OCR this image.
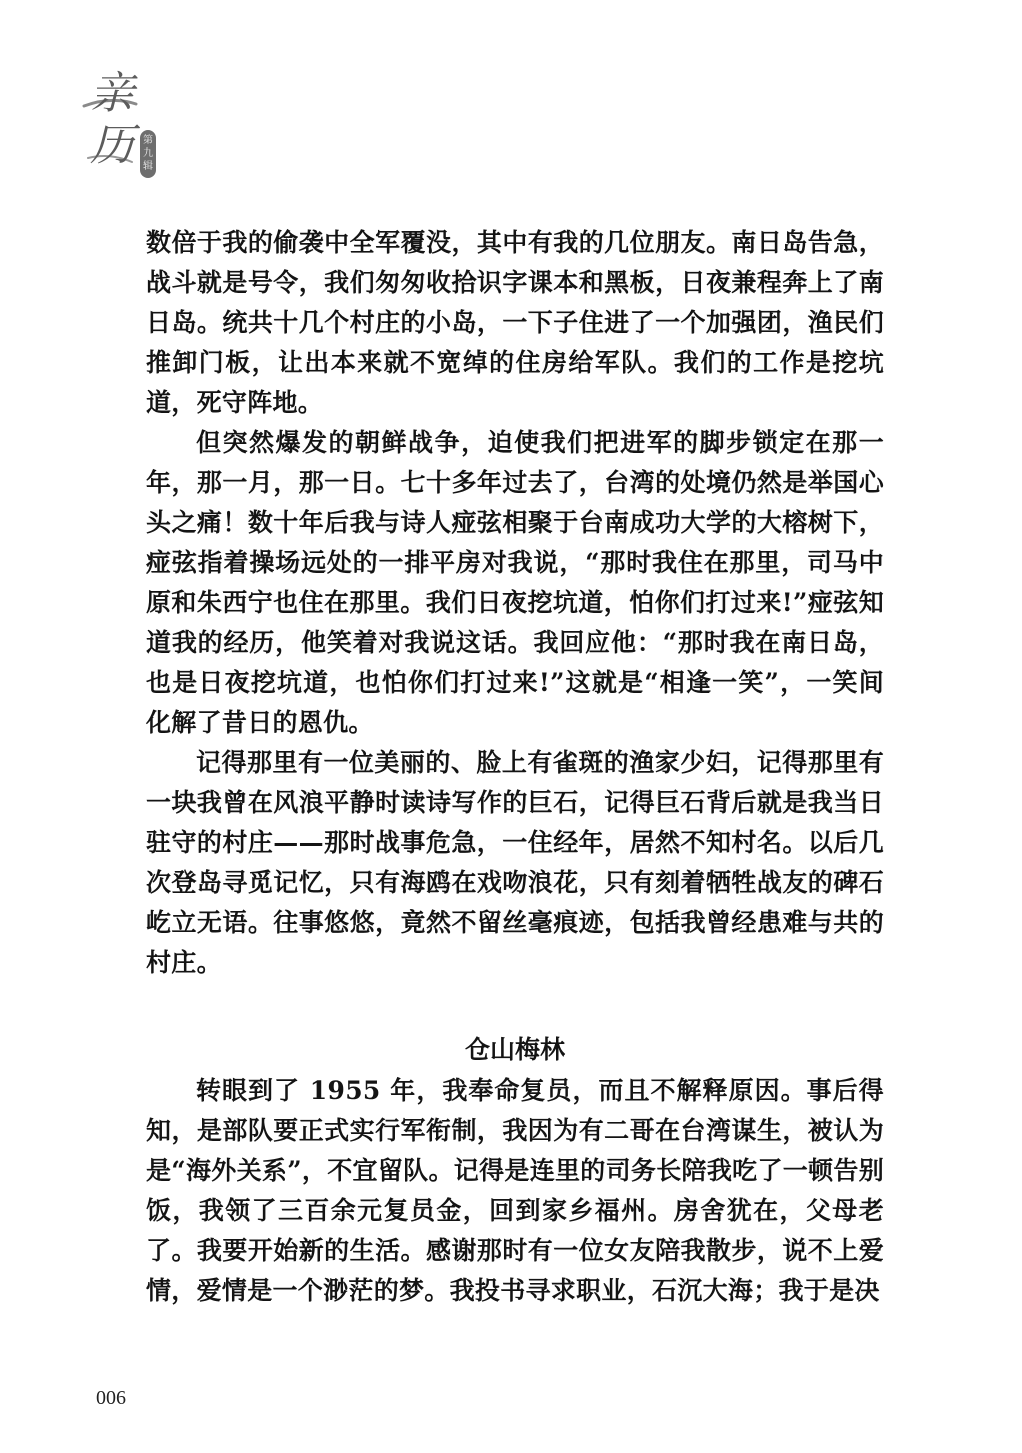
亲历 第九辑

数倍于我的偷袭中全军覆没，其中有我的几位朋友。南日岛告急，战斗就是号令，我们匆匆收拾识字课本和黑板，日夜兼程奔上了南日岛。统共十几个村庄的小岛，一下子住进了一个加强团，渔民们推卸门板，让出本来就不宽绰的住房给军队。我们的工作是挖坑道，死守阵地。

但突然爆发的朝鲜战争，迫使我们把进军的脚步锁定在那一年，那一月，那一日。七十多年过去了，台湾的处境仍然是举国心头之痛！数十年后我与诗人痖弦相聚于台南成功大学的大榕树下，痖弦指着操场远处的一排平房对我说，“那时我住在那里，司马中原和朱西宁也住在那里。我们日夜挖坑道，怕你们打过来!”痖弦知道我的经历，他笑着对我说这话。我回应他：“那时我在南日岛，也是日夜挖坑道，也怕你们打过来!”这就是“相逢一笑”，一笑间化解了昔日的恩仇。

记得那里有一位美丽的、脸上有雀斑的渔家少妇，记得那里有一块我曾在风浪平静时读诗写作的巨石，记得巨石背后就是我当日驻守的村庄——那时战事危急，一住经年，居然不知村名。以后几次登岛寻觅记忆，只有海鸥在戏吻浪花，只有刻着牺牲战友的碑石屹立无语。往事悠悠，竟然不留丝毫痕迹，包括我曾经患难与共的村庄。

仓山梅林

转眼到了 1955 年，我奉命复员，而且不解释原因。事后得知，是部队要正式实行军衔制，我因为有二哥在台湾谋生，被认为是“海外关系”，不宜留队。记得是连里的司务长陪我吃了一顿告别饭，我领了三百余元复员金，回到家乡福州。房舍犹在，父母老了。我要开始新的生活。感谢那时有一位女友陪我散步，说不上爱情，爱情是一个渺茫的梦。我投书寻求职业，石沉大海；我于是决

006
